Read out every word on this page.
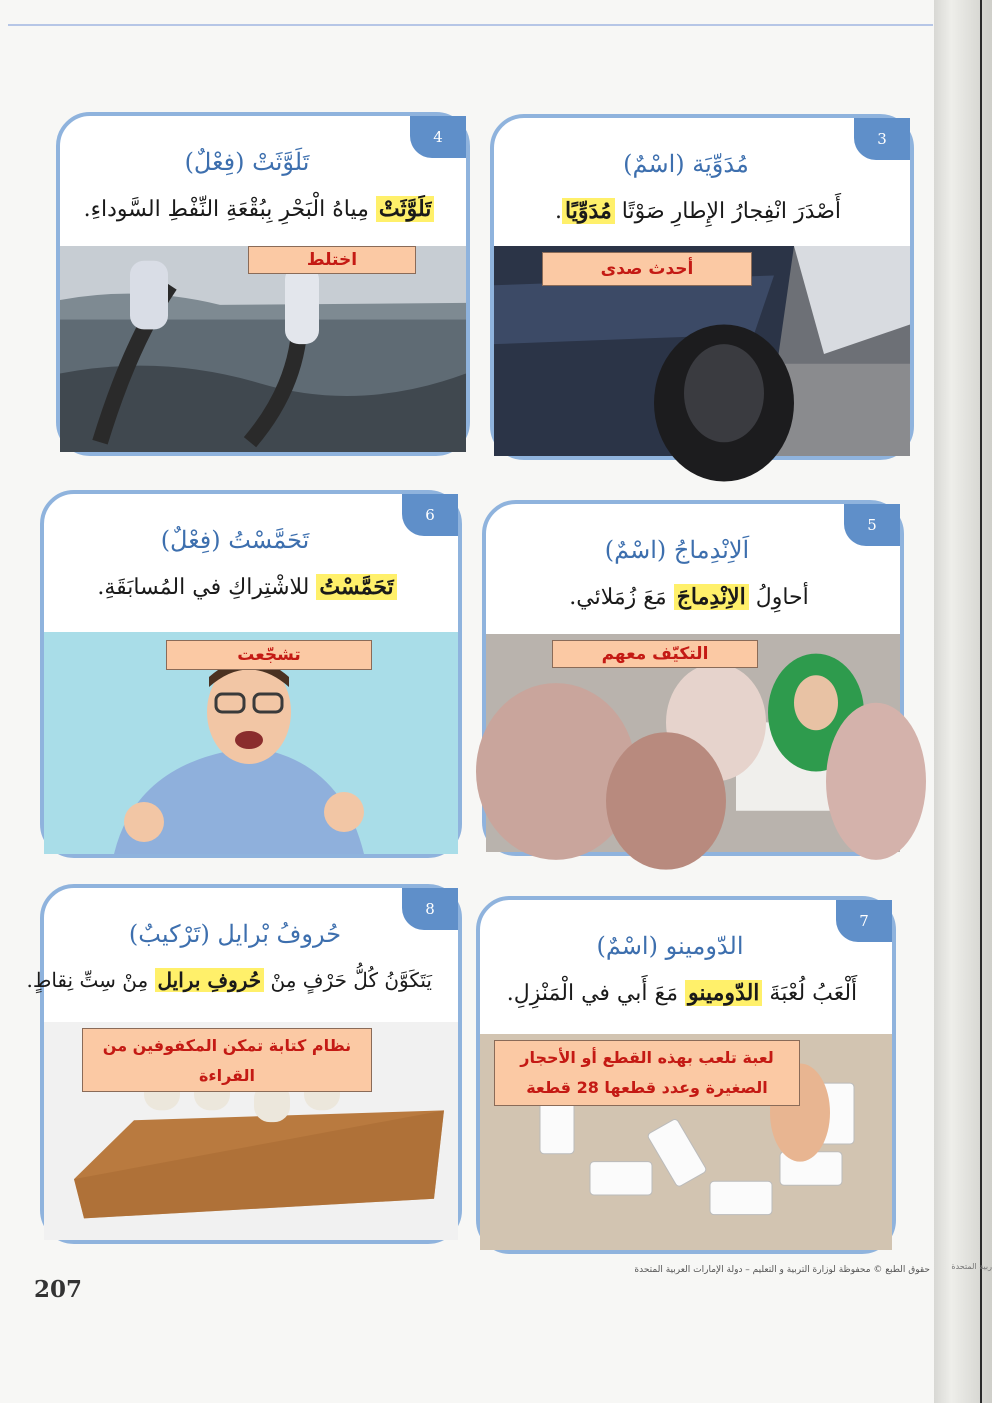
ربية المتحدة
3
مُدَوِّيَة (اسْمٌ)
أَصْدَرَ انْفِجارُ الإِطارِ صَوْتًا مُدَوِّيًا.
أحدث صدى
4
تَلَوَّثَتْ (فِعْلٌ)
تَلَوَّثَتْ مِياهُ الْبَحْرِ بِبُقْعَةِ النِّفْطِ السَّوداءِ.
اختلط
5
اَلاِنْدِماجُ (اسْمٌ)
أحاوِلُ الاِنْدِماجَ مَعَ زُمَلائي.
التكيّف معهم
6
تَحَمَّسْتُ (فِعْلٌ)
تَحَمَّسْتُ للاشْتِراكِ في المُسابَقَةِ.
تشجّعت
7
الدّومينو (اسْمٌ)
أَلْعَبُ لُعْبَةَ الدّومينو مَعَ أَبي في الْمَنْزِلِ.
لعبة تلعب بهذه القطع أو الأحجار الصغيرة وعدد قطعها 28 قطعة
8
حُروفُ بْرايل (تَرْكيبٌ)
يَتَكَوَّنُ كُلُّ حَرْفٍ مِنْ حُروفِ برايل مِنْ سِتِّ نِقاطٍ.
نظام كتابة تمكن المكفوفين من القراءة
207
حقوق الطبع © محفوظة لوزارة التربية و التعليم – دولة الإمارات العربية المتحدة
